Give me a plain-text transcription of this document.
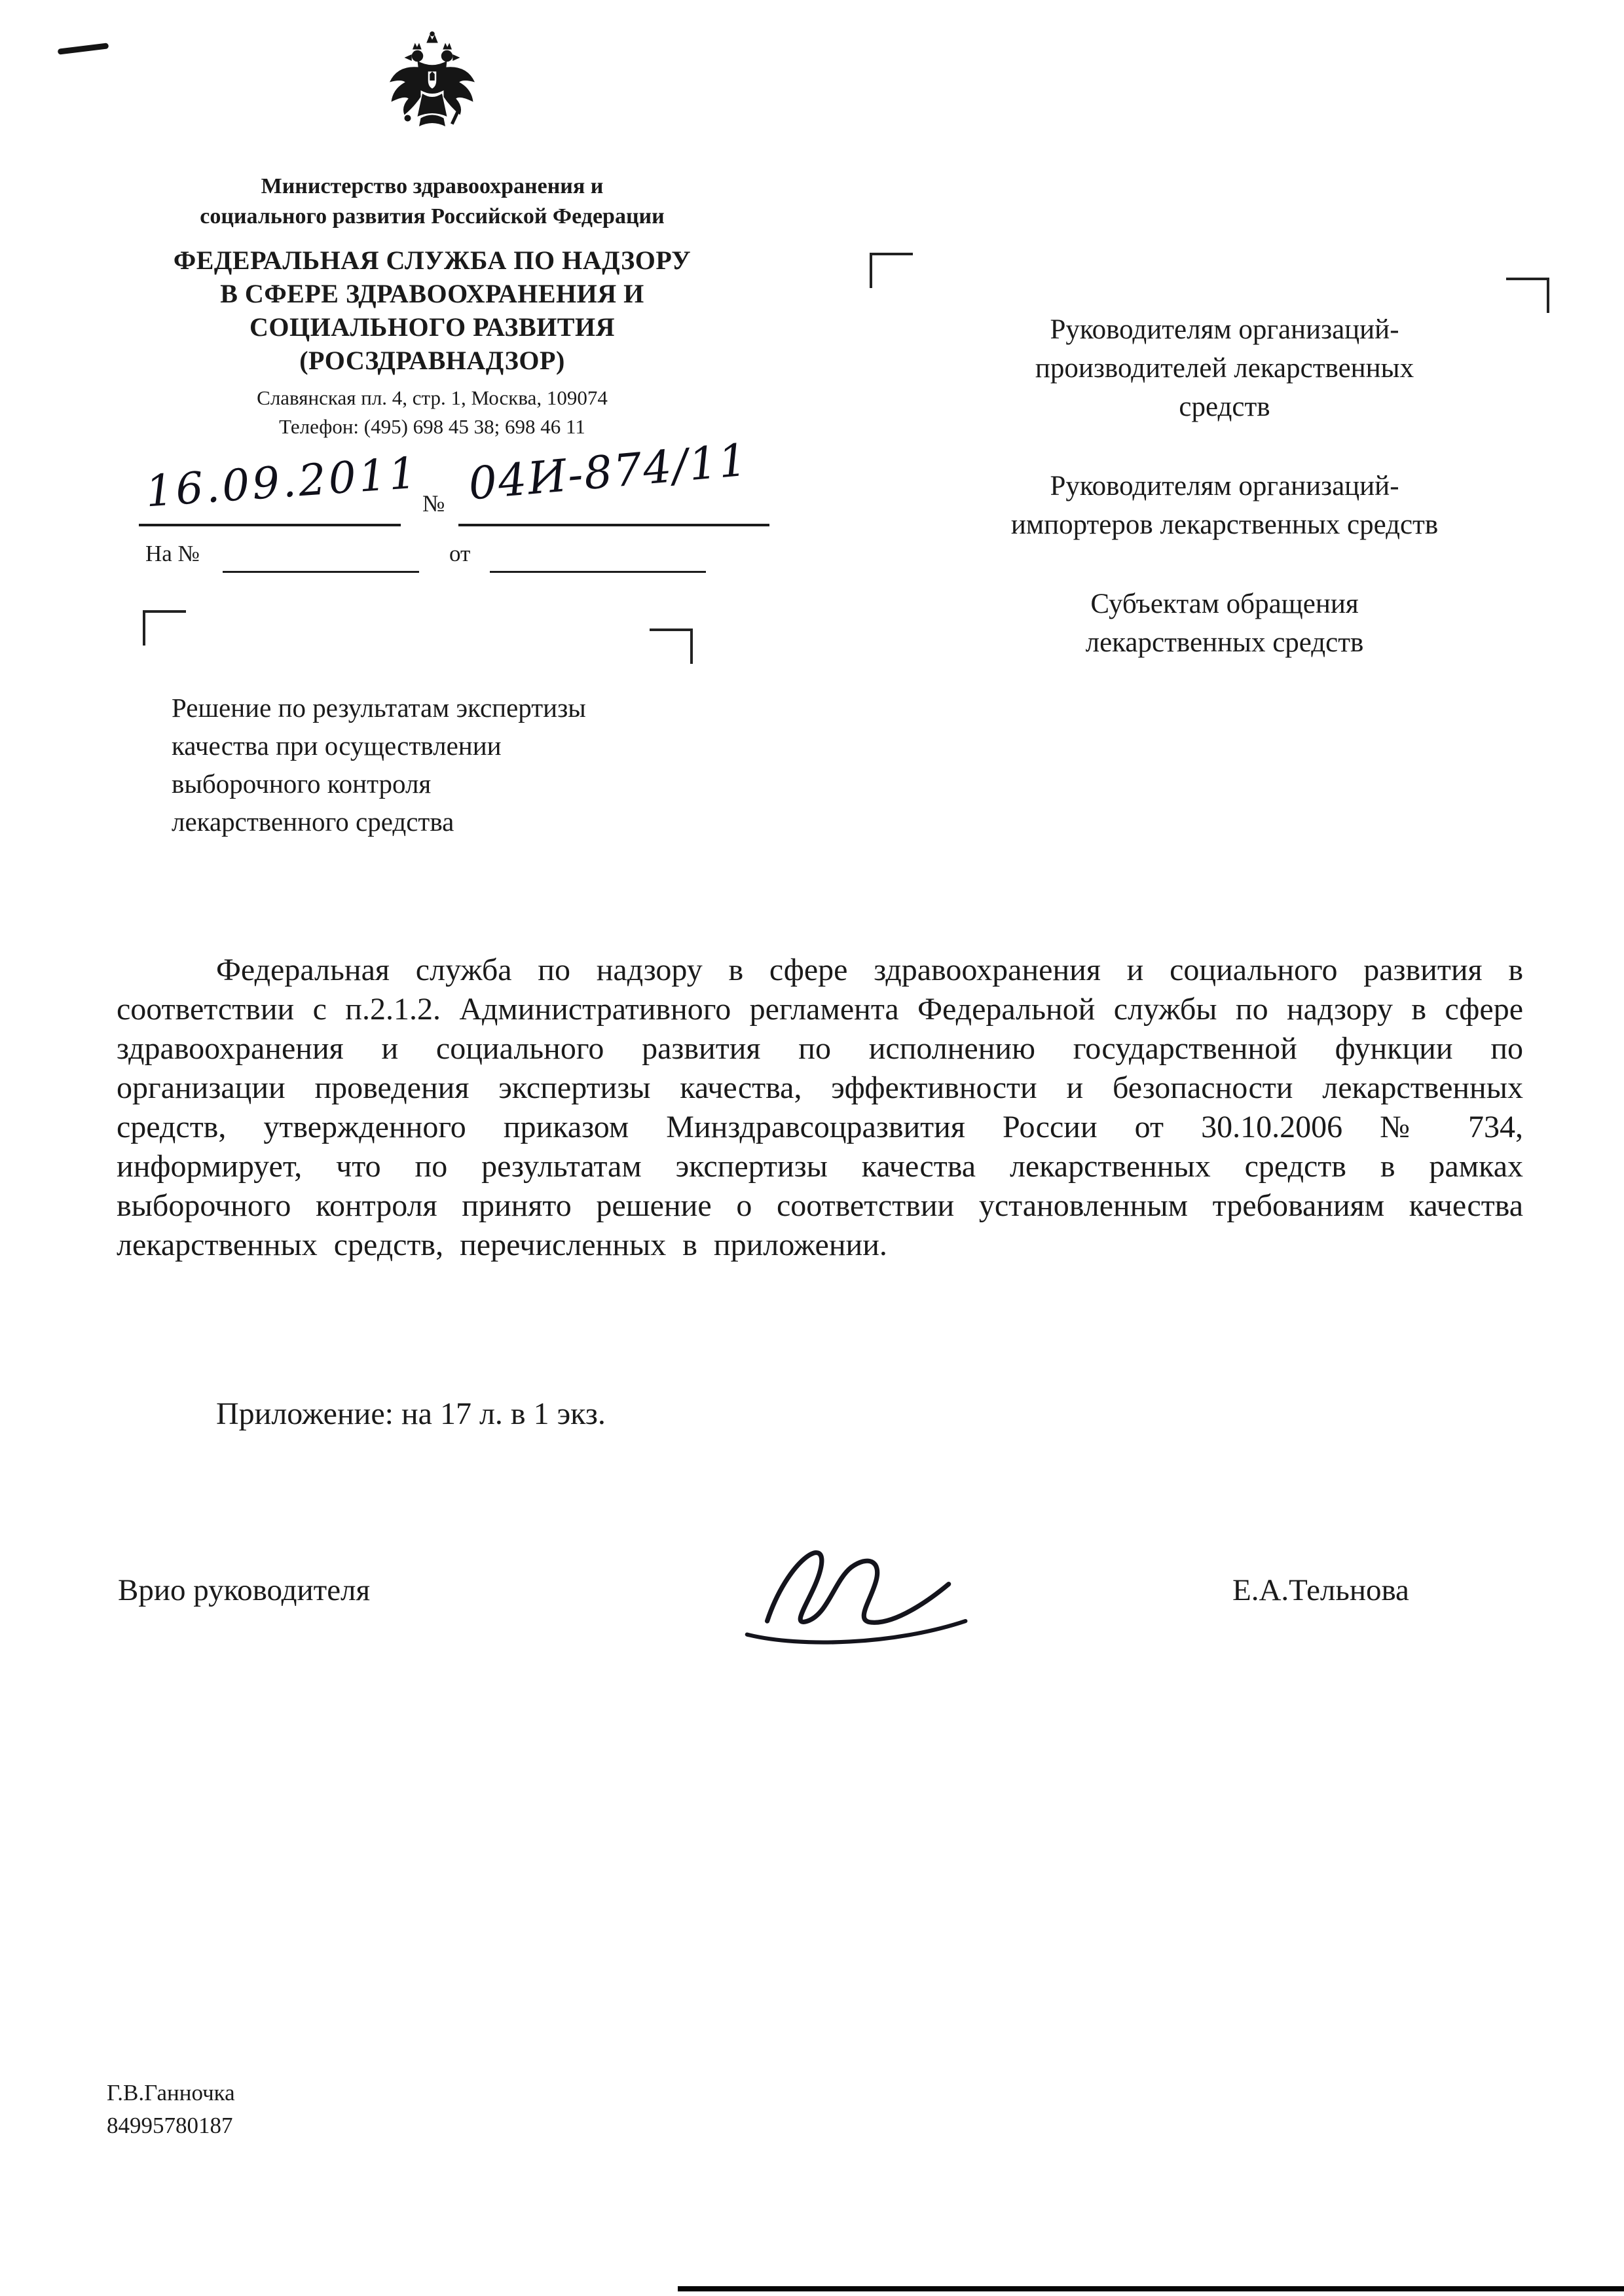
Министерство здравоохранения и
социального развития Российской Федерации
ФЕДЕРАЛЬНАЯ СЛУЖБА ПО НАДЗОРУ
В СФЕРЕ ЗДРАВООХРАНЕНИЯ И
СОЦИАЛЬНОГО РАЗВИТИЯ
(РОСЗДРАВНАДЗОР)
Славянская пл. 4, стр. 1, Москва, 109074
Телефон: (495) 698 45 38; 698 46 11
16.09.2011 № 04И-874/11
На №	от
Руководителям организаций-
производителей лекарственных
средств
Руководителям организаций-
импортеров лекарственных средств
Субъектам обращения
лекарственных средств
Решение по результатам экспертизы
качества при осуществлении
выборочного контроля
лекарственного средства
Федеральная служба по надзору в сфере здравоохранения и социального развития в соответствии с п.2.1.2. Административного регламента Федеральной службы по надзору в сфере здравоохранения и социального развития по исполнению государственной функции по организации проведения экспертизы качества, эффективности и безопасности лекарственных средств, утвержденного приказом Минздравсоцразвития России от 30.10.2006 № 734, информирует, что по результатам экспертизы качества лекарственных средств в рамках выборочного контроля принято решение о соответствии установленным требованиям качества лекарственных средств, перечисленных в приложении.
Приложение: на 17 л. в 1 экз.
Врио руководителя	Е.А.Тельнова
Г.В.Ганночка
84995780187
